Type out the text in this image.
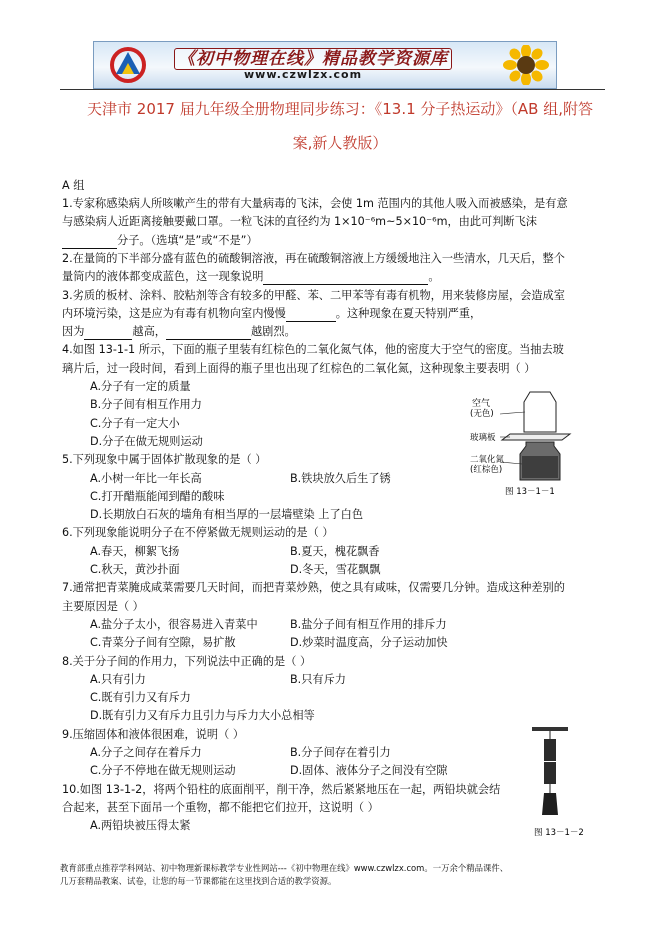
《初中物理在线》精品教学资源库
www.czwlzx.com
天津市 2017 届九年级全册物理同步练习：《13.1 分子热运动》（AB 组,附答
案,新人教版）
A 组
1.专家称感染病人所咳嗽产生的带有大量病毒的飞沫，会使 1m 范围内的其他人吸入而被感染，是有意
与感染病人近距离接触要戴口罩。一粒飞沫的直径约为 1×10⁻⁶m~5×10⁻⁶m，由此可判断飞沫
分子。（选填“是”或“不是”）
2.在量筒的下半部分盛有蓝色的硫酸铜溶液，再在硫酸铜溶液上方缓缓地注入一些清水，几天后，整个
量筒内的液体都变成蓝色，这一现象说明	。
3.劣质的板材、涂料、胶粘剂等含有较多的甲醛、苯、二甲苯等有毒有机物，用来装修房屋，会造成室
内环境污染，这是应为有毒有机物向室内慢慢	。这种现象在夏天特别严重，
因为	越高，	越剧烈。
4.如图 13-1-1 所示，下面的瓶子里装有红棕色的二氧化氮气体，他的密度大于空气的密度。当抽去玻
璃片后，过一段时间，看到上面得的瓶子里也出现了红棕色的二氧化氮，这种现象主要表明（ ）
A.分子有一定的质量
B.分子间有相互作用力
C.分子有一定大小
D.分子在做无规则运动
5.下列现象中属于固体扩散现象的是（ ）
A.小树一年比一年长高	B.铁块放久后生了锈
C.打开醋瓶能闻到醋的酸味
D.长期放白石灰的墙角有相当厚的一层墙壁染 上了白色
6.下列现象能说明分子在不停紧做无规则运动的是（ ）
A.春天，柳絮飞扬	B.夏天，槐花飘香
C.秋天，黄沙扑面	D.冬天，雪花飘飘
7.通常把青菜腌成咸菜需要几天时间，而把青菜炒熟，使之具有咸味，仅需要几分钟。造成这种差别的
主要原因是（ ）
A.盐分子太小，很容易进入青菜中	B.盐分子间有相互作用的排斥力
C.青菜分子间有空隙，易扩散	D.炒菜时温度高，分子运动加快
8.关于分子间的作用力，下列说法中正确的是（ ）
A.只有引力	B.只有斥力
C.既有引力又有斥力
D.既有引力又有斥力且引力与斥力大小总相等
9.压缩固体和液体很困难，说明（ ）
A.分子之间存在着斥力	B.分子间存在着引力
C.分子不停地在做无规则运动	D.固体、液体分子之间没有空隙
10.如图 13-1-2，将两个铅柱的底面削平，削干净，然后紧紧地压在一起，两铅块就会结
合起来，甚至下面吊一个重物，都不能把它们拉开，这说明（ ）
A.两铅块被压得太紧
空气
(无色)
玻璃板
二氧化氮
(红棕色)
图 13－1－1
图 13－1－2
教育部重点推荐学科网站、初中物理新课标教学专业性网站---《初中物理在线》www.czwlzx.com。一万余个精品课件、
几万套精品教案、试卷，让您的每一节课都能在这里找到合适的教学资源。
